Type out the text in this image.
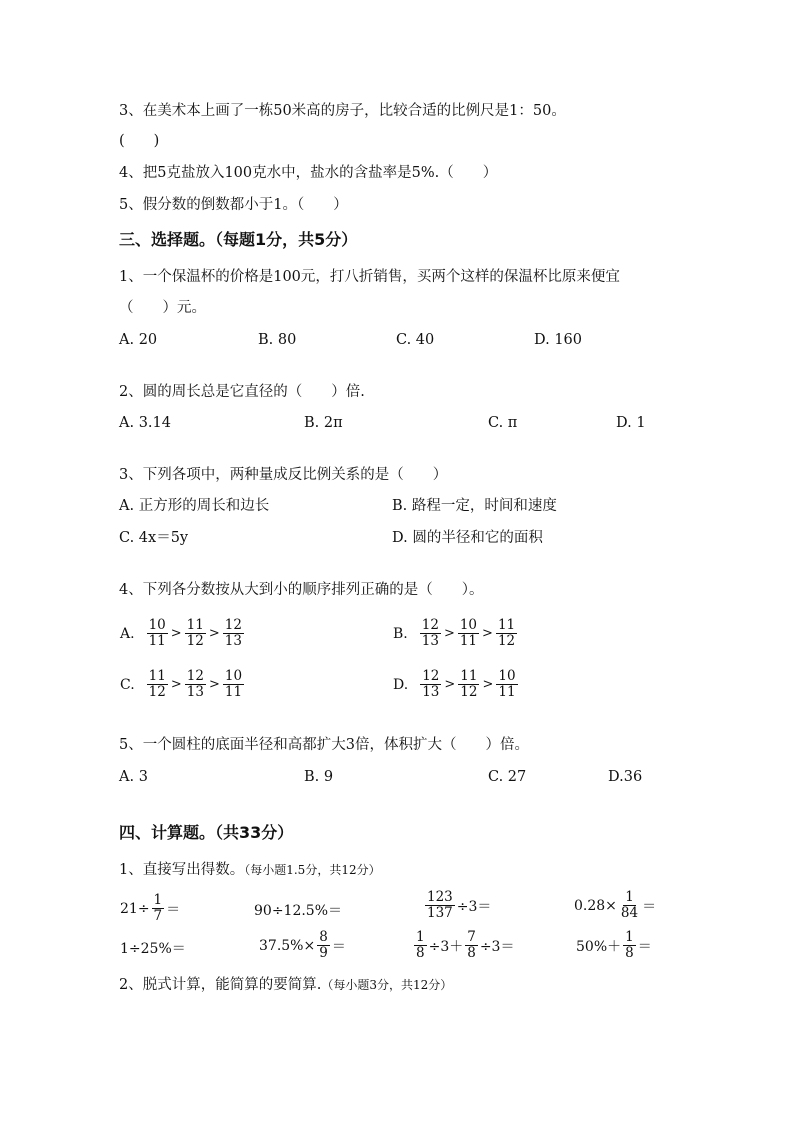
3、在美术本上画了一栋50米高的房子，比较合适的比例尺是1：50。
(　　)
4、把5克盐放入100克水中，盐水的含盐率是5%.（　　）
5、假分数的倒数都小于1。（　　）
三、选择题。（每题1分，共5分）
1、一个保温杯的价格是100元，打八折销售，买两个这样的保温杯比原来便宜
（　　）元。
A. 20	B. 80	C. 40	D. 160
2、圆的周长总是它直径的（　　）倍.
A. 3.14	B. 2π	C. π	D. 1
3、下列各项中，两种量成反比例关系的是（　　）
A. 正方形的周长和边长	B. 路程一定，时间和速度
C. 4x＝5y	D. 圆的半径和它的面积
4、下列各分数按从大到小的顺序排列正确的是（　　）。
A. $\frac{10}{11} > \frac{11}{12} > \frac{12}{13}$	B. $\frac{12}{13} > \frac{10}{11} > \frac{11}{12}$
C. $\frac{11}{12} > \frac{12}{13} > \frac{10}{11}$	D. $\frac{12}{13} > \frac{11}{12} > \frac{10}{11}$
5、一个圆柱的底面半径和高都扩大3倍，体积扩大（　　）倍。
A. 3	B. 9	C. 27	D.36
四、计算题。（共33分）
1、直接写出得数。（每小题1.5分，共12分）
$21\div \frac{1}{7}$ ＝	90÷12.5%＝	$\frac{123}{137} \div 3=$	$0.28\times \frac{1}{84}$ ＝
1÷25%＝	$37.5\%\times \frac{8}{9}$ ＝	$\frac{1}{8} \div 3+ \frac{7}{8} \div 3=$	$50\%+ \frac{1}{8}$ ＝
2、脱式计算，能简算的要简算.（每小题3分，共12分）
